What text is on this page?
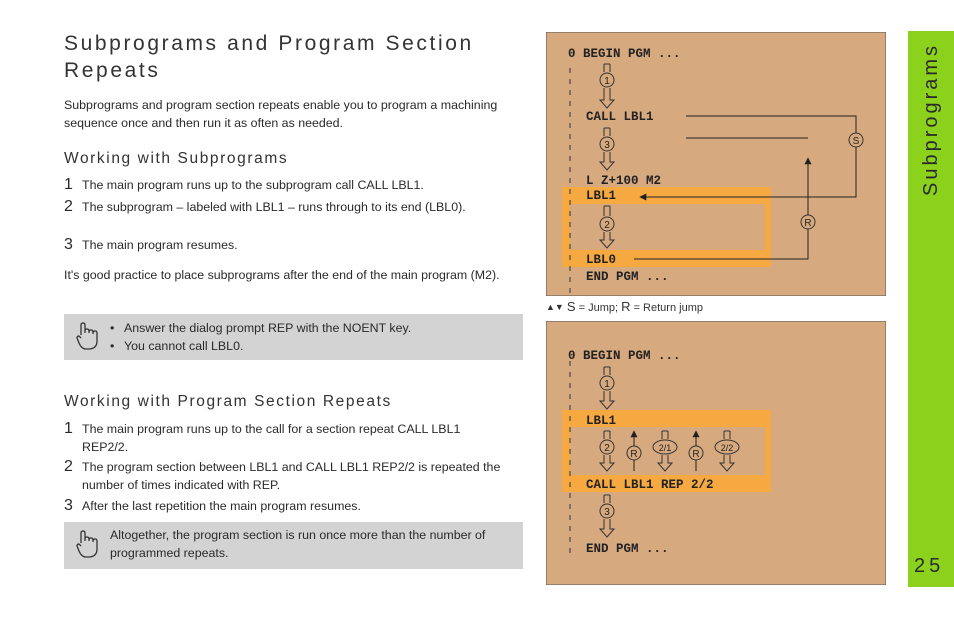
Subprograms and Program Section Repeats
Subprograms and program section repeats enable you to program a machining sequence once and then run it as often as needed.
Working with Subprograms
1 The main program runs up to the subprogram call CALL LBL1.
2 The subprogram – labeled with LBL1 – runs through to its end (LBL0).
3 The main program resumes.
It's good practice to place subprograms after the end of the main program (M2).
• Answer the dialog prompt REP with the NOENT key.
• You cannot call LBL0.
Working with Program Section Repeats
1 The main program runs up to the call for a section repeat CALL LBL1 REP2/2.
2 The program section between LBL1 and CALL LBL1 REP2/2 is repeated the number of times indicated with REP.
3 After the last repetition the main program resumes.
Altogether, the program section is run once more than the number of programmed repeats.
0 BEGIN PGM ...
CALL LBL1
L Z+100 M2
LBL1
LBL0
END PGM ...
1
3
2
S
R
▲▼ S = Jump; R = Return jump
0 BEGIN PGM ...
LBL1
CALL LBL1 REP 2/2
END PGM ...
1
2
R
2/1
R
2/2
3
Subprograms
25
